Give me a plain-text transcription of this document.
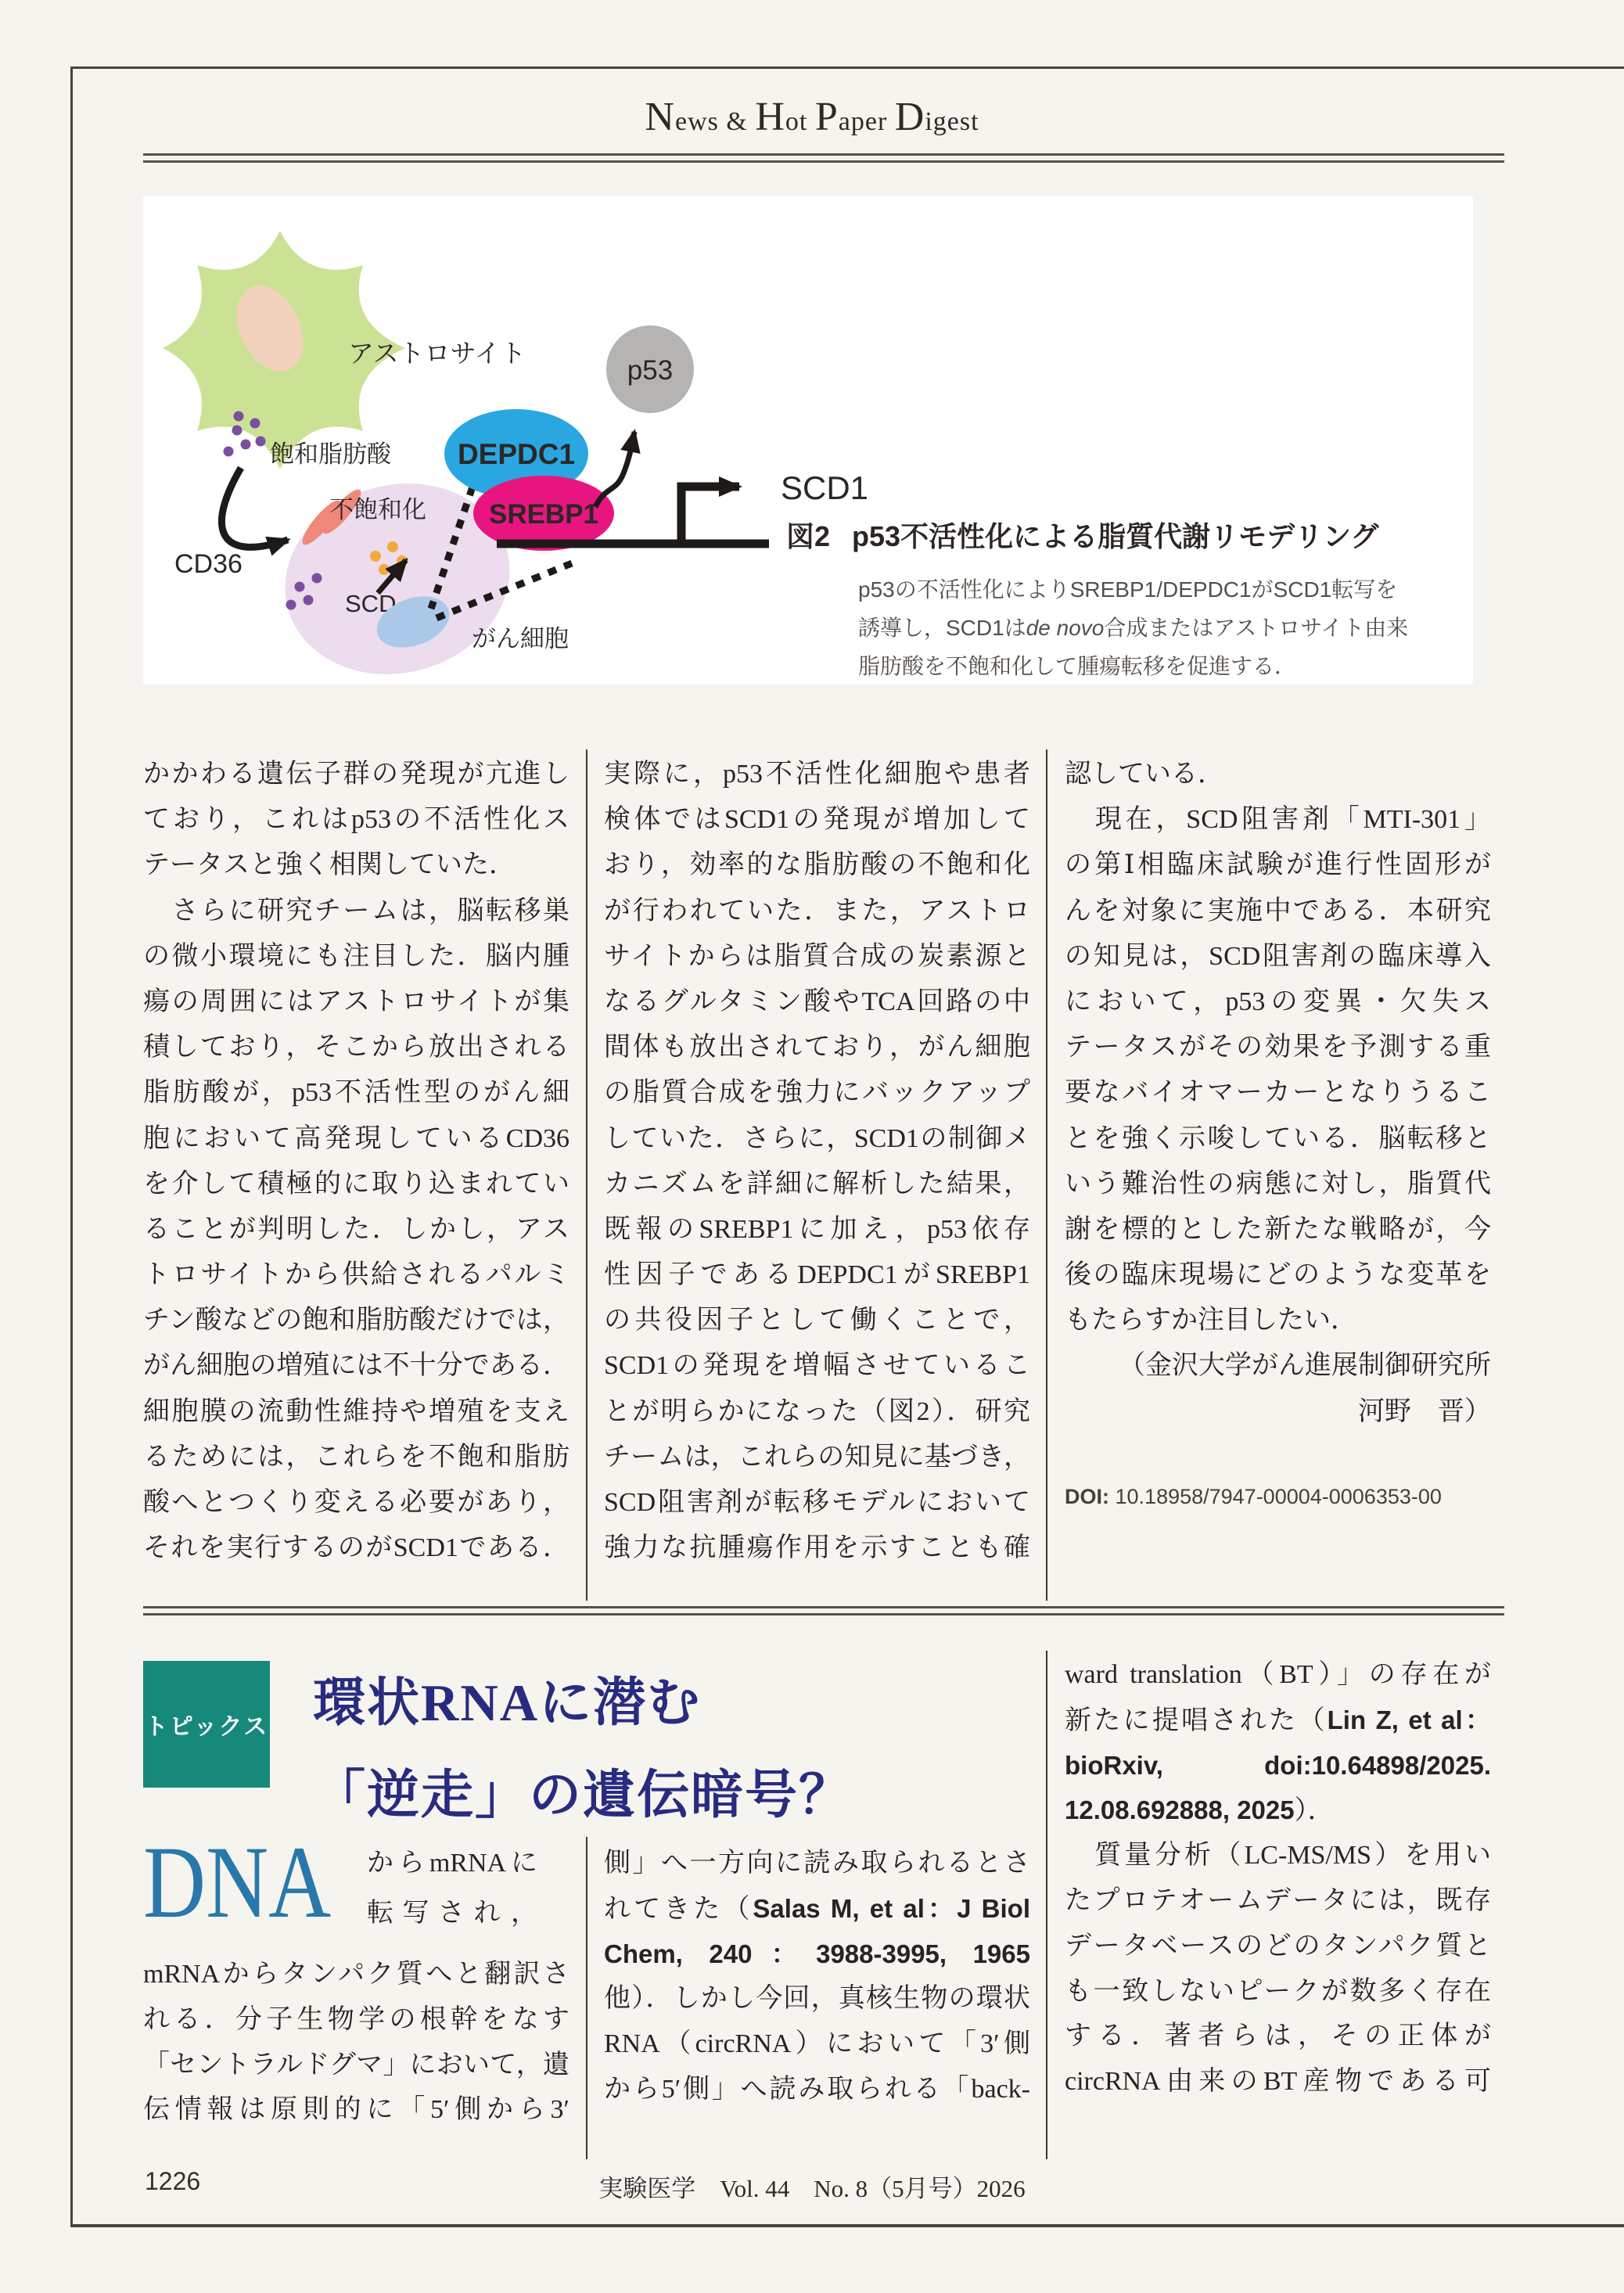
News & Hot Paper Digest
アストロサイト
飽和脂肪酸
CD36
不飽和化
SCD
がん細胞
DEPDC1
SREBP1
p53
SCD1
図2 p53不活性化による脂質代謝リモデリング
p53の不活性化によりSREBP1/DEPDC1がSCD1転写を
誘導し，SCD1はde novo合成またはアストロサイト由来
脂肪酸を不飽和化して腫瘍転移を促進する．
かかわる遺伝子群の発現が亢進し
ており，これはp53の不活性化ス
テータスと強く相関していた．
　さらに研究チームは，脳転移巣
の微小環境にも注目した．脳内腫
瘍の周囲にはアストロサイトが集
積しており，そこから放出される
脂肪酸が，p53不活性型のがん細
胞において高発現しているCD36
を介して積極的に取り込まれてい
ることが判明した．しかし，アス
トロサイトから供給されるパルミ
チン酸などの飽和脂肪酸だけでは，
がん細胞の増殖には不十分である．
細胞膜の流動性維持や増殖を支え
るためには，これらを不飽和脂肪
酸へとつくり変える必要があり，
それを実行するのがSCD1である．
実際に，p53不活性化細胞や患者
検体ではSCD1の発現が増加して
おり，効率的な脂肪酸の不飽和化
が行われていた．また，アストロ
サイトからは脂質合成の炭素源と
なるグルタミン酸やTCA回路の中
間体も放出されており，がん細胞
の脂質合成を強力にバックアップ
していた．さらに，SCD1の制御メ
カニズムを詳細に解析した結果，
既報のSREBP1に加え，p53依存
性因子であるDEPDC1がSREBP1
の共役因子として働くことで，
SCD1の発現を増幅させているこ
とが明らかになった（図2）．研究
チームは，これらの知見に基づき，
SCD阻害剤が転移モデルにおいて
強力な抗腫瘍作用を示すことも確
認している．
　現在，SCD阻害剤「MTI-301」
の第Ⅰ相臨床試験が進行性固形が
んを対象に実施中である．本研究
の知見は，SCD阻害剤の臨床導入
において，p53の変異・欠失ス
テータスがその効果を予測する重
要なバイオマーカーとなりうるこ
とを強く示唆している．脳転移と
いう難治性の病態に対し，脂質代
謝を標的とした新たな戦略が，今
後の臨床現場にどのような変革を
もたらすか注目したい．
（金沢大学がん進展制御研究所
河野　晋）
DOI: 10.18958/7947-00004-0006353-00
トピックス 環状RNAに潜む
「逆走」の遺伝暗号？
DNA からmRNAに
転写され，
mRNAからタンパク質へと翻訳さ
れる．分子生物学の根幹をなす
「セントラルドグマ」において，遺
伝情報は原則的に「5′側から3′
側」へ一方向に読み取られるとさ
れてきた（Salas M, et al：J Biol
Chem, 240：3988-3995, 1965
他）．しかし今回，真核生物の環状
RNA（circRNA）において「3′側
から5′側」へ読み取られる「back-
ward translation（BT）」の存在が
新たに提唱された（Lin Z, et al：
bioRxiv, doi:10.64898/2025.
12.08.692888, 2025）．
　質量分析（LC-MS/MS）を用い
たプロテオームデータには，既存
データベースのどのタンパク質と
も一致しないピークが数多く存在
する．著者らは，その正体が
circRNA由来のBT産物である可
1226	実験医学　Vol. 44　No. 8（5月号）2026
